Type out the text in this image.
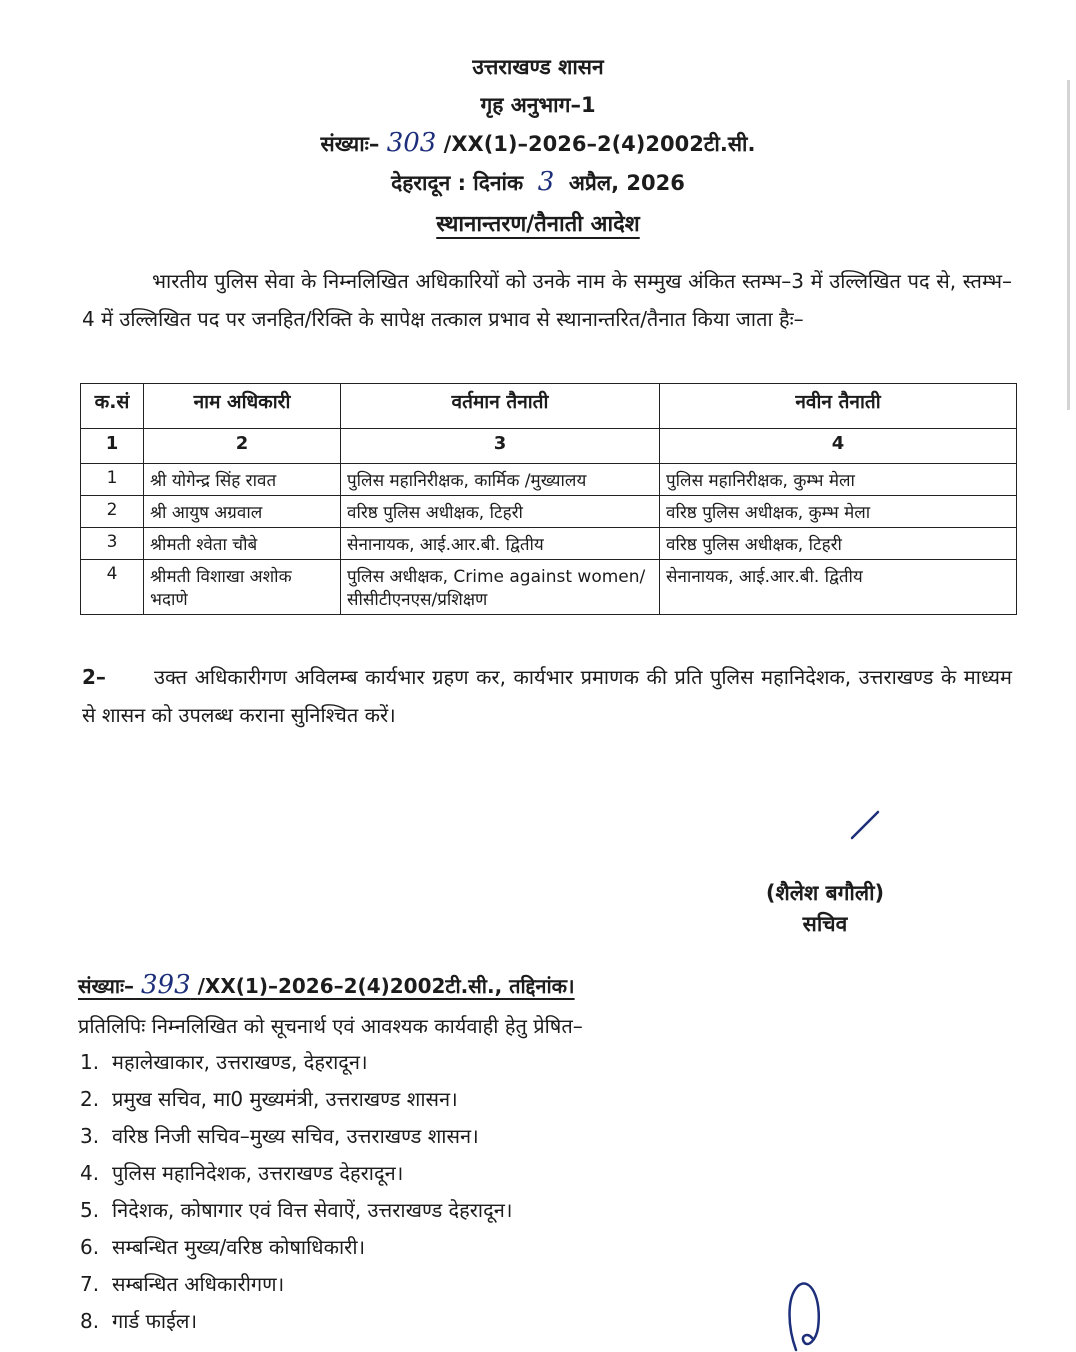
उत्तराखण्ड शासन
गृह अनुभाग–1
संख्याः– 303 /XX(1)–2026–2(4)2002टी.सी.
देहरादून : दिनांक 3 अप्रैल, 2026
स्थानान्तरण/तैनाती आदेश
भारतीय पुलिस सेवा के निम्नलिखित अधिकारियों को उनके नाम के सम्मुख अंकित स्तम्भ–3 में उल्लिखित पद से, स्तम्भ–4 में उल्लिखित पद पर जनहित/रिक्ति के सापेक्ष तत्काल प्रभाव से स्थानान्तरित/तैनात किया जाता हैः–
क.सं	नाम अधिकारी	वर्तमान तैनाती	नवीन तैनाती
1	2	3	4
1	श्री योगेन्द्र सिंह रावत	पुलिस महानिरीक्षक, कार्मिक /मुख्यालय	पुलिस महानिरीक्षक, कुम्भ मेला
2	श्री आयुष अग्रवाल	वरिष्ठ पुलिस अधीक्षक, टिहरी	वरिष्ठ पुलिस अधीक्षक, कुम्भ मेला
3	श्रीमती श्वेता चौबे	सेनानायक, आई.आर.बी. द्वितीय	वरिष्ठ पुलिस अधीक्षक, टिहरी
4	श्रीमती विशाखा अशोक भदाणे	पुलिस अधीक्षक, Crime against women/सीसीटीएनएस/प्रशिक्षण	सेनानायक, आई.आर.बी. द्वितीय
2– उक्त अधिकारीगण अविलम्ब कार्यभार ग्रहण कर, कार्यभार प्रमाणक की प्रति पुलिस महानिदेशक, उत्तराखण्ड के माध्यम से शासन को उपलब्ध कराना सुनिश्चित करें।
(शैलेश बगौली)
सचिव
संख्याः– 393 /XX(1)–2026–2(4)2002टी.सी., तद्दिनांक।
प्रतिलिपिः निम्नलिखित को सूचनार्थ एवं आवश्यक कार्यवाही हेतु प्रेषित–
1. महालेखाकार, उत्तराखण्ड, देहरादून।
2. प्रमुख सचिव, मा0 मुख्यमंत्री, उत्तराखण्ड शासन।
3. वरिष्ठ निजी सचिव–मुख्य सचिव, उत्तराखण्ड शासन।
4. पुलिस महानिदेशक, उत्तराखण्ड देहरादून।
5. निदेशक, कोषागार एवं वित्त सेवाऐं, उत्तराखण्ड देहरादून।
6. सम्बन्धित मुख्य/वरिष्ठ कोषाधिकारी।
7. सम्बन्धित अधिकारीगण।
8. गार्ड फाईल।
